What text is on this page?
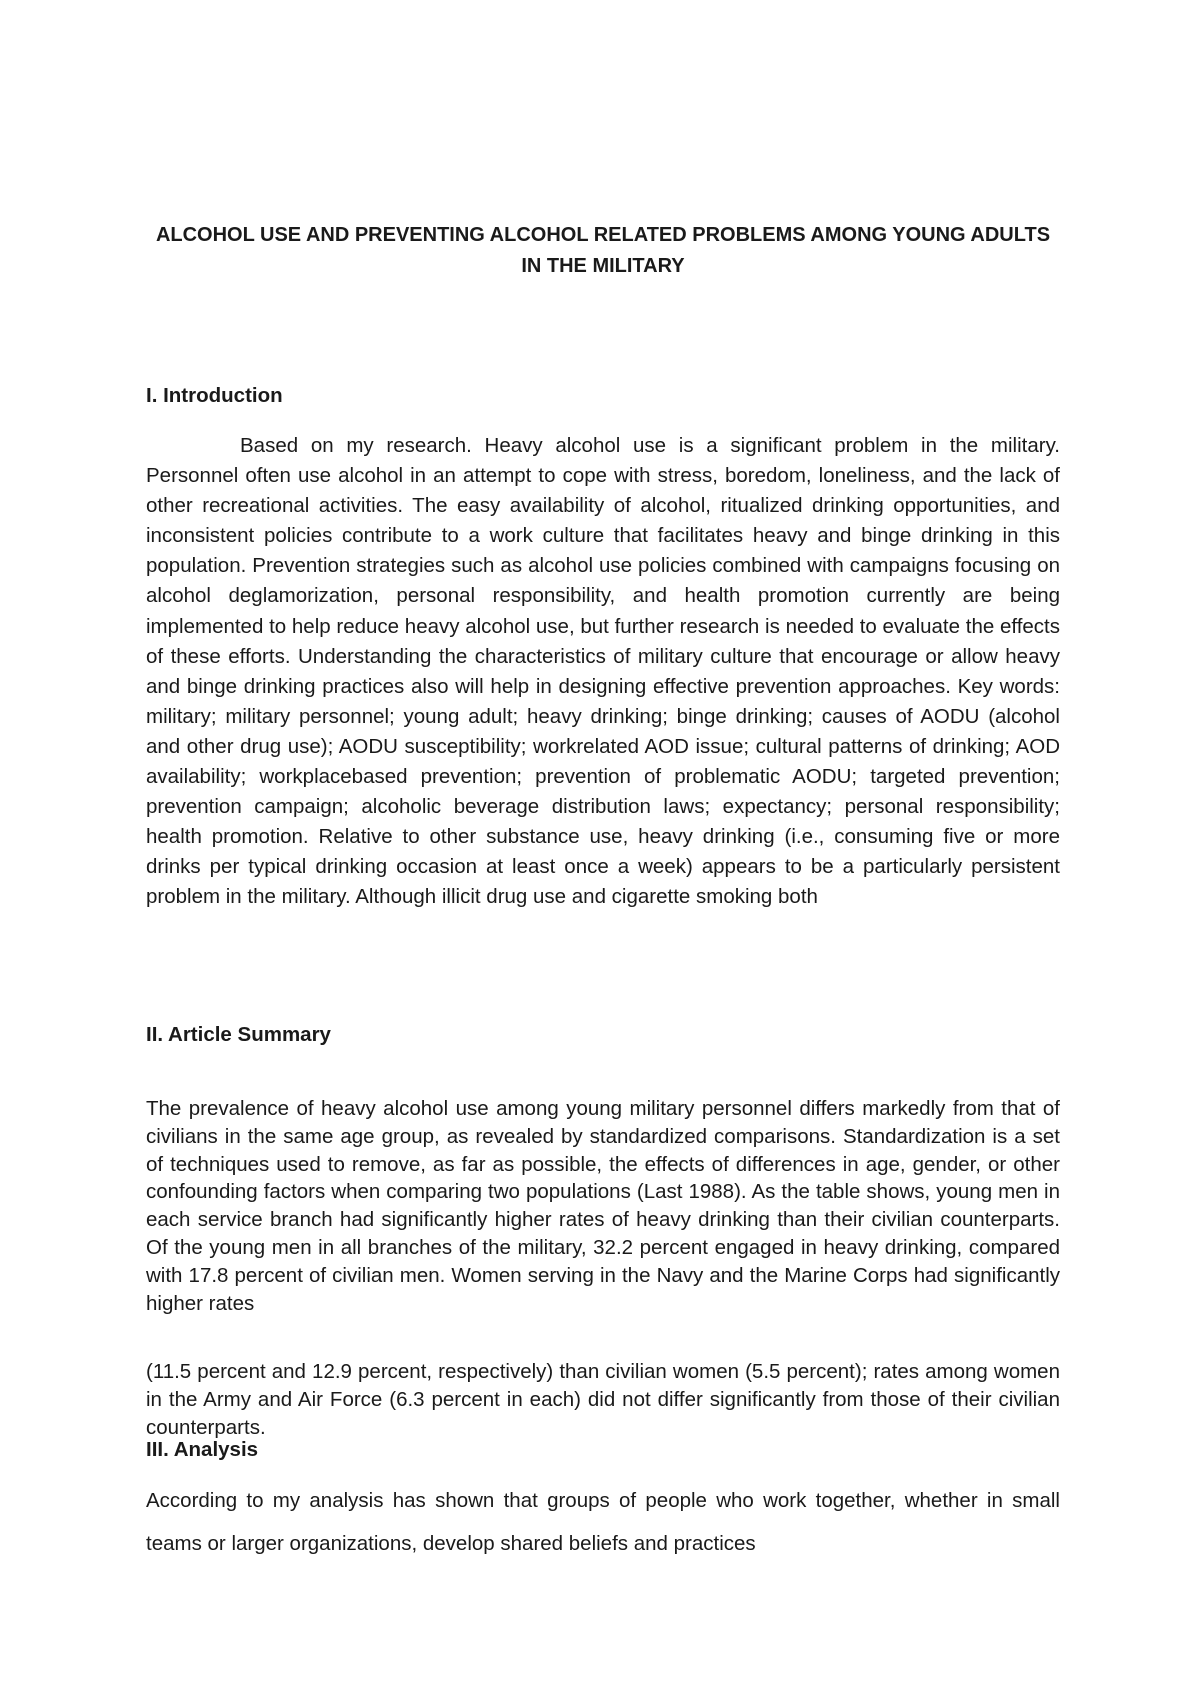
ALCOHOL USE AND PREVENTING ALCOHOL RELATED PROBLEMS AMONG YOUNG ADULTS IN THE MILITARY
I. Introduction

Based on my research. Heavy alcohol use is a significant problem in the military. Personnel often use alcohol in an attempt to cope with stress, boredom, loneliness, and the lack of other recreational activities. The easy availability of alcohol, ritualized drinking opportunities, and inconsistent policies contribute to a work culture that facilitates heavy and binge drinking in this population. Prevention strategies such as alcohol use policies combined with campaigns focusing on alcohol deglamorization, personal responsibility, and health promotion currently are being implemented to help reduce heavy alcohol use, but further research is needed to evaluate the effects of these efforts. Understanding the characteristics of military culture that encourage or allow heavy and binge drinking practices also will help in designing effective prevention approaches. Key words: military; military personnel; young adult; heavy drinking; binge drinking; causes of AODU (alcohol and other drug use); AODU susceptibility; workrelated AOD issue; cultural patterns of drinking; AOD availability; workplacebased prevention; prevention of problematic AODU; targeted prevention; prevention campaign; alcoholic beverage distribution laws; expectancy; personal responsibility; health promotion. Relative to other substance use, heavy drinking (i.e., consuming five or more drinks per typical drinking occasion at least once a week) appears to be a particularly persistent problem in the military. Although illicit drug use and cigarette smoking both

II. Article Summary

The prevalence of heavy alcohol use among young military personnel differs markedly from that of civilians in the same age group, as revealed by standardized comparisons. Standardization is a set of techniques used to remove, as far as possible, the effects of differences in age, gender, or other confounding factors when comparing two populations (Last 1988). As the table shows, young men in each service branch had significantly higher rates of heavy drinking than their civilian counterparts. Of the young men in all branches of the military, 32.2 percent engaged in heavy drinking, compared with 17.8 percent of civilian men. Women serving in the Navy and the Marine Corps had significantly higher rates

(11.5 percent and 12.9 percent, respectively) than civilian women (5.5 percent); rates among women in the Army and Air Force (6.3 percent in each) did not differ significantly from those of their civilian counterparts.

III. Analysis

According to my analysis has shown that groups of people who work together, whether in small teams or larger organizations, develop shared beliefs and practices
